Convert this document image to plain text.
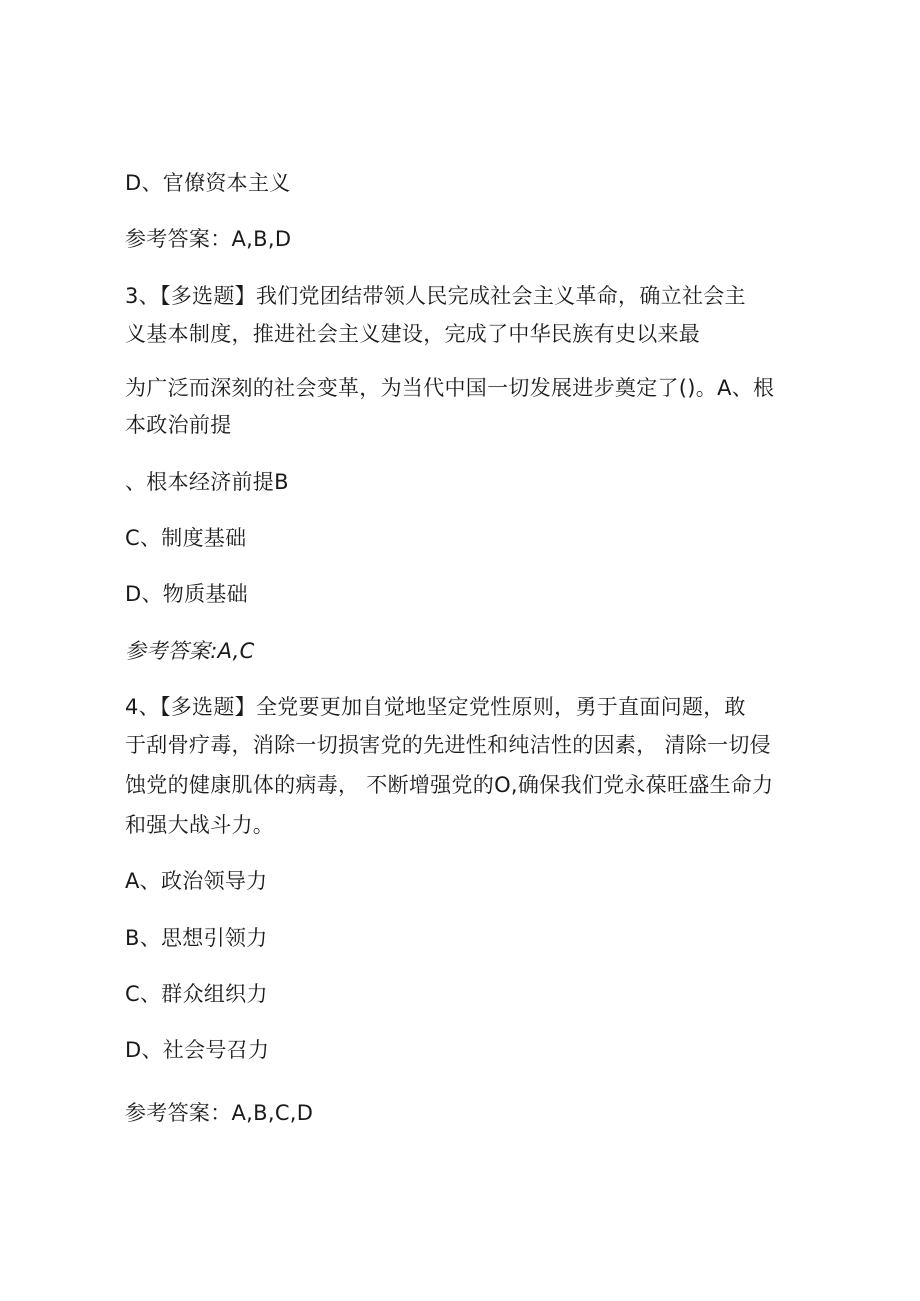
D、官僚资本主义

参考答案：A,B,D

3、【多选题】我们党团结带领人民完成社会主义革命，确立社会主

义基本制度，推进社会主义建设，完成了中华民族有史以来最

为广泛而深刻的社会变革，为当代中国一切发展进步奠定了()。A、根

本政治前提

、根本经济前提B

C、制度基础

D、物质基础

参考答案:A,C

4、【多选题】全党要更加自觉地坚定党性原则，勇于直面问题，敢

于刮骨疗毒，消除一切损害党的先进性和纯洁性的因素， 清除一切侵

蚀党的健康肌体的病毒， 不断增强党的O,确保我们党永葆旺盛生命力

和强大战斗力。

A、政治领导力

B、思想引领力

C、群众组织力

D、社会号召力

参考答案：A,B,C,D
